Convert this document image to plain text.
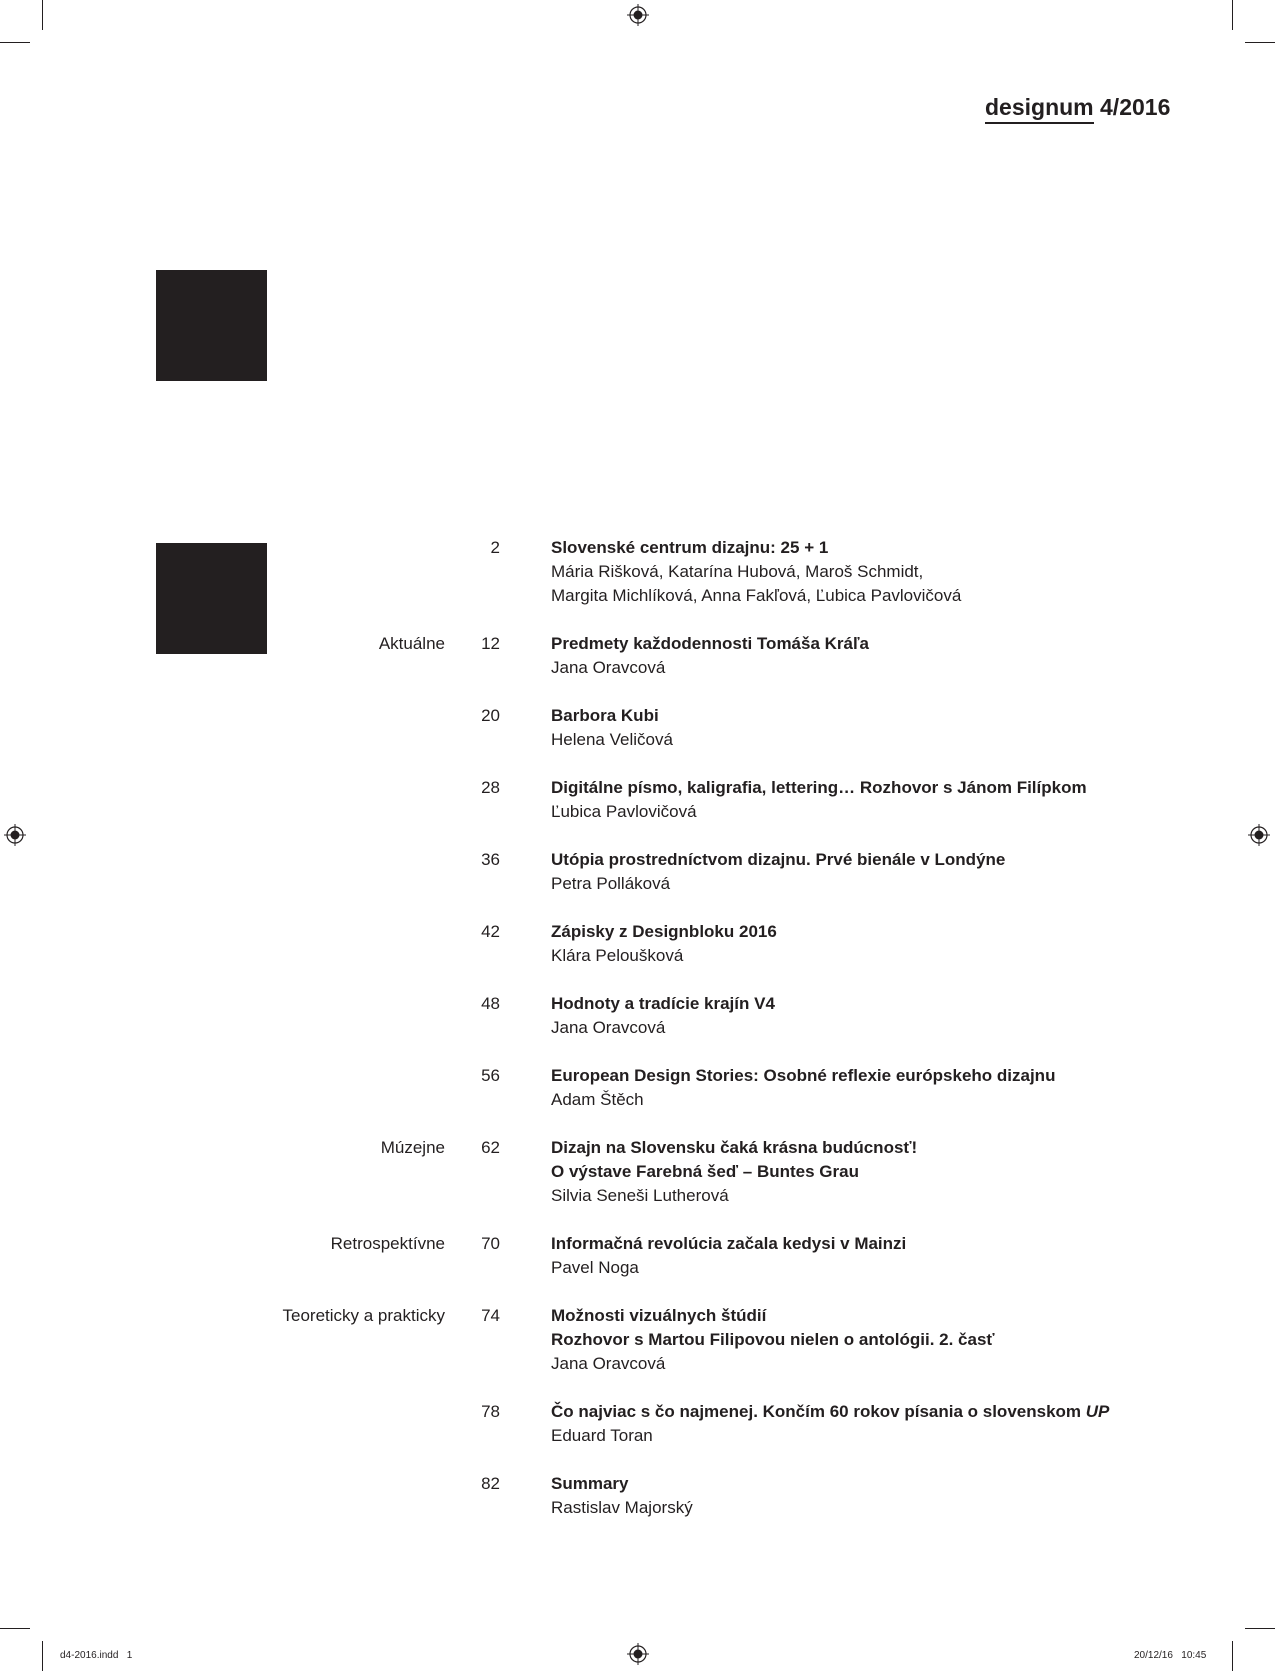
designum 4/2016
2	Slovenské centrum dizajnu: 25 + 1
Mária Rišková, Katarína Hubová, Maroš Schmidt,
Margita Michlíková, Anna Fakľová, Ľubica Pavlovičová
Aktuálne	12	Predmety každodennosti Tomáša Kráľa
Jana Oravcová
20	Barbora Kubi
Helena Veličová
28	Digitálne písmo, kaligrafia, lettering… Rozhovor s Jánom Filípkom
Ľubica Pavlovičová
36	Utópia prostredníctvom dizajnu. Prvé bienále v Londýne
Petra Polláková
42	Zápisky z Designbloku 2016
Klára Peloušková
48	Hodnoty a tradície krajín V4
Jana Oravcová
56	European Design Stories: Osobné reflexie európskeho dizajnu
Adam Štěch
Múzejne	62	Dizajn na Slovensku čaká krásna budúcnosť!
O výstave Farebná šeď – Buntes Grau
Silvia Seneši Lutherová
Retrospektívne	70	Informačná revolúcia začala kedysi v Mainzi
Pavel Noga
Teoreticky a prakticky	74	Možnosti vizuálnych štúdií
Rozhovor s Martou Filipovou nielen o antológii. 2. časť
Jana Oravcová
78	Čo najviac s čo najmenej. Končím 60 rokov písania o slovenskom UP
Eduard Toran
82	Summary
Rastislav Majorský
d4-2016.indd   1	20/12/16   10:45
